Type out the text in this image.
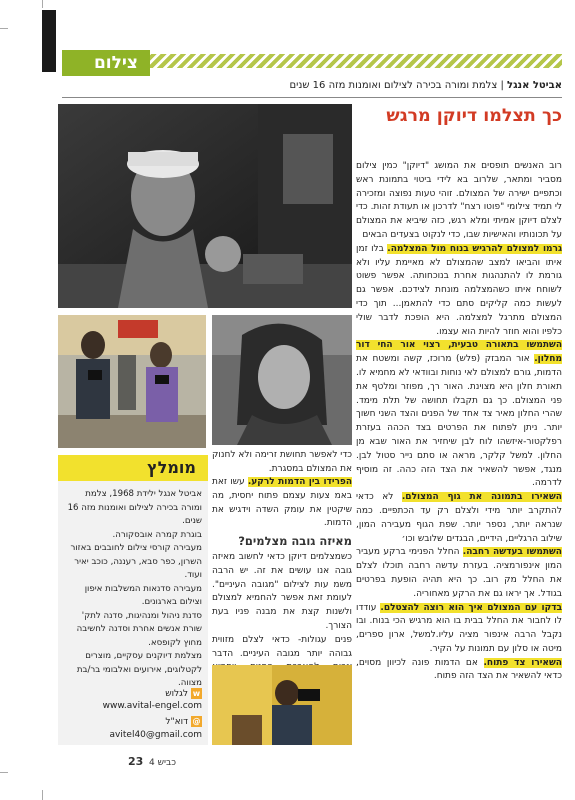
צילום
אביטל אנגל | צלמת ומורה בכירה לצילום ואומנות מזה 16 שנים
כך תצלמו דיוקן מרגש

רוב האנשים תופסים את המושג "דיוקן" כמין צילום מסביר ומתאר, שלרוב בא לידי ביטוי בתמונת ראש וכתפיים ישירה של המצולם. זוהי טעות נפוצה ומזכירה לי תמיד צילומי "פוטו רצח" לדרכון או תעודת זהות. כדי לצלם דיוקן אמיתי ומלא רגש, כזה שיביא את המצולם על תכונותיו והאישיות שבו, כדי לנקוט בצעדים הבאים

גרמו למצולם להרגיש בנוח מול המצלמה. בלו זמן איתו והביאו למצב שהמצולם לא מאיימת עליו ולא גורמת לו להתנהגות אחרת בנוכחותה. אפשר פשוט לשוחח איתו כשהמצלמה מונחת לצידכם. אפשר גם לעשות כמה קליקים סתם כדי להתאמן... תוך כדי המצולם מתרגל למצלמה. היא הופכת לדבר שולי כלפיו והוא חוזר להיות הוא עצמו.

השתמשו בתאורה טבעית, רצוי אור החי דור מחלון. אור המבזק (פלש) מרוכז, קשה ומשטח את הדמות, גורם למצולם לאי נוחות ובוודאי לא מחמיא לו. תאורת חלון היא מצוינת. האור רך, מפוזר ומלטף את פני המצולם. כך גם תקבלו תחושה של תלת מימד. שהרי החלון מאיר צד אחד של הפנים והצד השני חשוך יותר. ניתן לפתוח את הפרטים בצד הכהה בעזרת רפלקטור-איזשהו לוח לבן שיחזיר את האור שבא מן החלון. למשל קלקר, מראה או סתם נייר סטול לבן. מנגד, אפשר להשאיר את הצד הזה כהה. זה מוסיף לדרמה.

השאירו בתמונה את גוף המצולם. לא כדאי להתקרב יותר מידי ולצלם רק עד הכתפיים. כמה שנראה יותר, נספר יותר. שפת הגוף מעבירה המון, שילוב הרגליים, הידיים, הבגדים שלובש וכו׳

השתמשו בעדשה רחבה. החלל הפנימי ברקע מעביר המון אינפורמציה. בעזרת עדשה רחבה תוכלו לצלם את החלל מק רוב. כך היא תהיה הופעת בפרטים בגודל. אך יראו גם את הרקע מאחוריה.

בדקו עם המצולם איך הוא רוצה להצטלם. עודדו לו לחבור את החלל בבית בו הוא מרגיש הכי בנוח. ובו נקבל הרבה אינפור מציה עליו.למשל, ארון ספרים, מיטה או סלון עם תמונות על הקיר.

השאירו צד פתוח. אם הדמות פונה לכיוון מסוים, כדאי להשאיר את הצד הזה פתוח.

כדי לאפשר תחושת זרימה ולא לחנוק את המצולם במסגרת.

הפרידו בין הדמות לרקע. עשו זאת באמ צעות עצמם פתוח יחסית, מה שיקטין את עומק השדה וידגיש את הדמות.

מאיזה גובה מצלמים?

כשמצלמים דיוקן כדאי לחשוב מאיזה גובה אנו עושים את זה. יש הרבה משמ עות לצילום "מגובה העיניים". לעומת זאת אפשר להחמיא למצולם ולשנות קצת את מבנה פניו בעת הצורך.

פנים עגולות- כדאי לצלם מזווית גבוהה יותר מגובה העיניים. הדבר

מומלץ

אביטל אנגל ילידת 1968, צלמת ומורה בכירה לצילום ואומנות מזה 16 שנים.

בוגרת קמרה אובסקורה.

מעבירה קורסי צילום לחובבים באזור השרון, כפר סבא, רעננה, כוכב יאיר ועוד.

מעבירה סדנאות המשלבות איפון וצילום בארגונים.

סדנת ניהול ומנהיגות, סדנה לתק' שורת אנשים אחרת וסדנה לחשיבה מחוץ לקופסא.

מצלמת דיוקנים עסקיים, מוצרים לקטלוגים, אירועים ואלבומי בר/בת מצווה.

wלגלוש
www.avital-engel.com
@דוא"ל
avitel40@gmail.com
כביש 4  23
